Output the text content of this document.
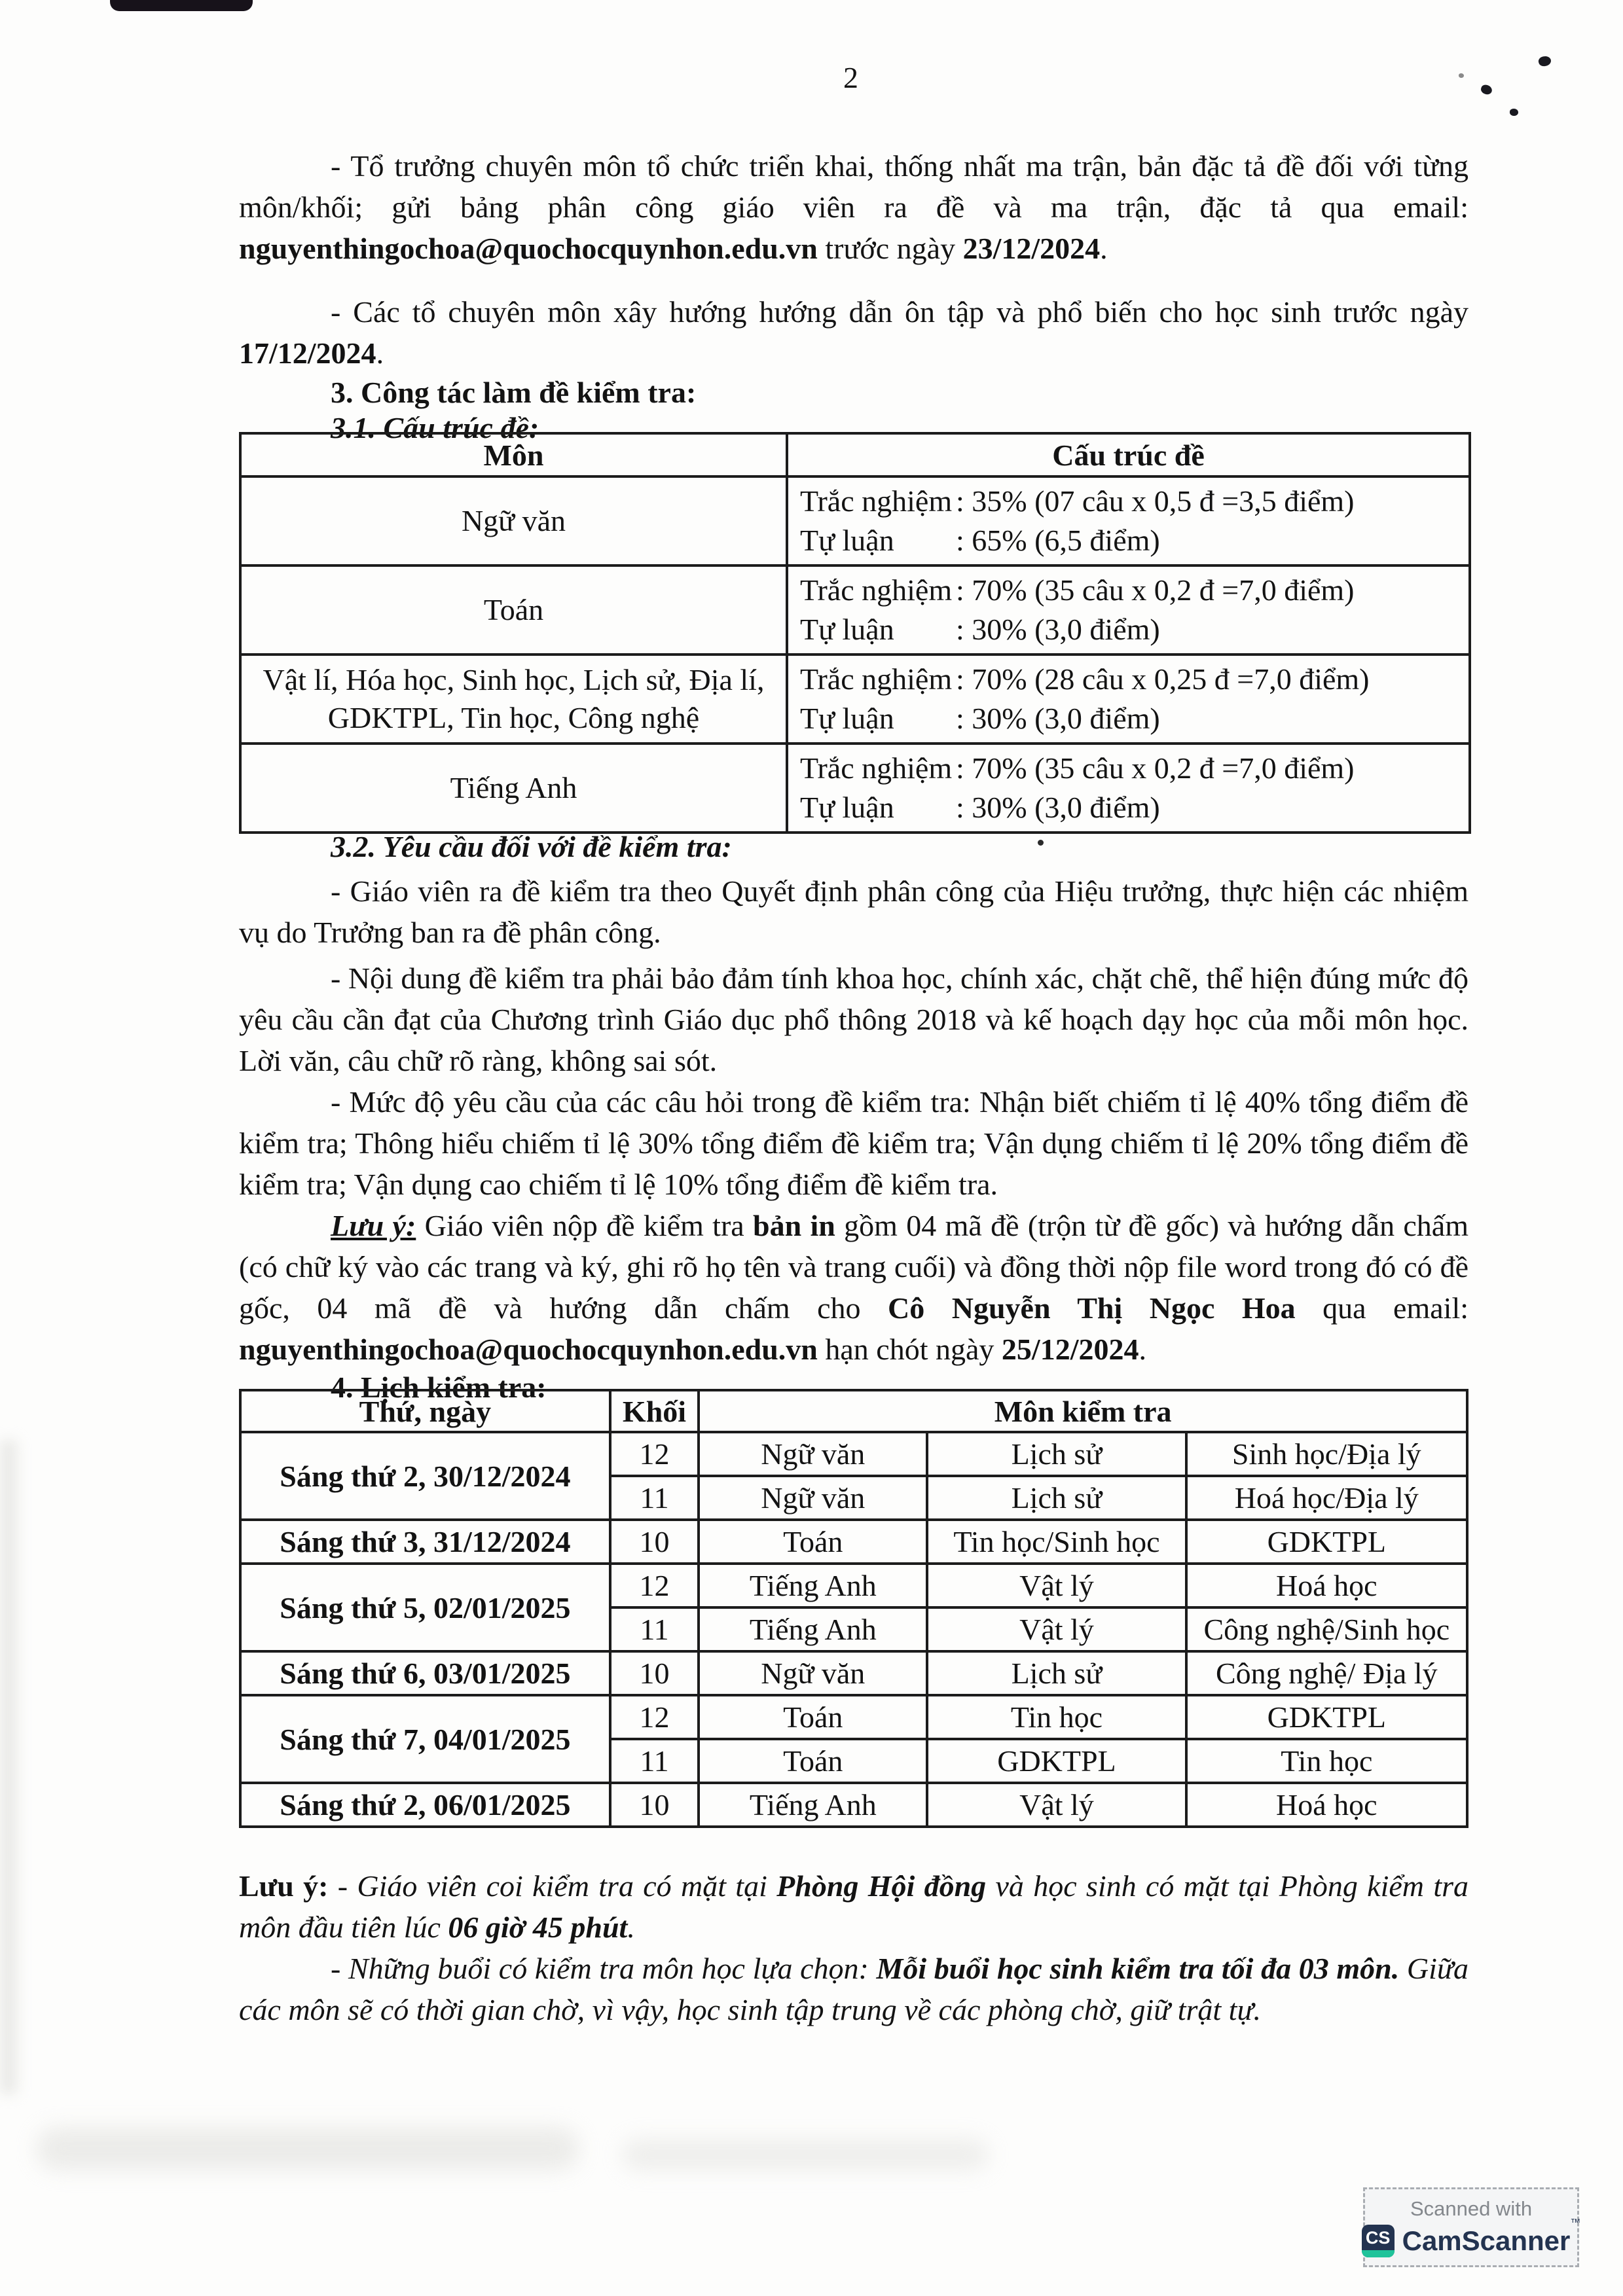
2

- Tổ trưởng chuyên môn tổ chức triển khai, thống nhất ma trận, bản đặc tả đề đối với từng môn/khối; gửi bảng phân công giáo viên ra đề và ma trận, đặc tả qua email: nguyenthingochoa@quochocquynhon.edu.vn trước ngày 23/12/2024.

- Các tổ chuyên môn xây hướng hướng dẫn ôn tập và phổ biến cho học sinh trước ngày 17/12/2024.

3. Công tác làm đề kiểm tra:

3.1. Cấu trúc đề:

Môn	Cấu trúc đề
Ngữ văn	Trắc nghiệm : 35% (07 câu x 0,5 đ =3,5 điểm)
Tự luận : 65% (6,5 điểm)

Toán	Trắc nghiệm : 70% (35 câu x 0,2 đ =7,0 điểm)
Tự luận : 30% (3,0 điểm)

Vật lí, Hóa học, Sinh học, Lịch sử, Địa lí, GDKTPL, Tin học, Công nghệ	Trắc nghiệm : 70% (28 câu x 0,25 đ =7,0 điểm)
Tự luận : 30% (3,0 điểm)

Tiếng Anh	Trắc nghiệm : 70% (35 câu x 0,2 đ =7,0 điểm)
Tự luận : 30% (3,0 điểm)

3.2. Yêu cầu đối với đề kiểm tra:

- Giáo viên ra đề kiểm tra theo Quyết định phân công của Hiệu trưởng, thực hiện các nhiệm vụ do Trưởng ban ra đề phân công.

- Nội dung đề kiểm tra phải bảo đảm tính khoa học, chính xác, chặt chẽ, thể hiện đúng mức độ yêu cầu cần đạt của Chương trình Giáo dục phổ thông 2018 và kế hoạch dạy học của mỗi môn học. Lời văn, câu chữ rõ ràng, không sai sót.

- Mức độ yêu cầu của các câu hỏi trong đề kiểm tra: Nhận biết chiếm tỉ lệ 40% tổng điểm đề kiểm tra; Thông hiểu chiếm tỉ lệ 30% tổng điểm đề kiểm tra; Vận dụng chiếm tỉ lệ 20% tổng điểm đề kiểm tra; Vận dụng cao chiếm tỉ lệ 10% tổng điểm đề kiểm tra.

Lưu ý: Giáo viên nộp đề kiểm tra bản in gồm 04 mã đề (trộn từ đề gốc) và hướng dẫn chấm (có chữ ký vào các trang và ký, ghi rõ họ tên và trang cuối) và đồng thời nộp file word trong đó có đề gốc, 04 mã đề và hướng dẫn chấm cho Cô Nguyễn Thị Ngọc Hoa qua email: nguyenthingochoa@quochocquynhon.edu.vn hạn chót ngày 25/12/2024.

4. Lịch kiểm tra:

Thứ, ngày	Khối	Môn kiểm tra		
Sáng thứ 2, 30/12/2024	12	Ngữ văn	Lịch sử	Sinh học/Địa lý
	11	Ngữ văn	Lịch sử	Hoá học/Địa lý
Sáng thứ 3, 31/12/2024	10	Toán	Tin học/Sinh học	GDKTPL
Sáng thứ 5, 02/01/2025	12	Tiếng Anh	Vật lý	Hoá học
	11	Tiếng Anh	Vật lý	Công nghệ/Sinh học
Sáng thứ 6, 03/01/2025	10	Ngữ văn	Lịch sử	Công nghệ/ Địa lý
Sáng thứ 7, 04/01/2025	12	Toán	Tin học	GDKTPL
	11	Toán	GDKTPL	Tin học
Sáng thứ 2, 06/01/2025	10	Tiếng Anh	Vật lý	Hoá học

Lưu ý: - Giáo viên coi kiểm tra có mặt tại Phòng Hội đồng và học sinh có mặt tại Phòng kiểm tra môn đầu tiên lúc 06 giờ 45 phút.

- Những buổi có kiểm tra môn học lựa chọn: Mỗi buổi học sinh kiểm tra tối đa 03 môn. Giữa các môn sẽ có thời gian chờ, vì vậy, học sinh tập trung về các phòng chờ, giữ trật tự.

Scanned with
CS CamScanner™
